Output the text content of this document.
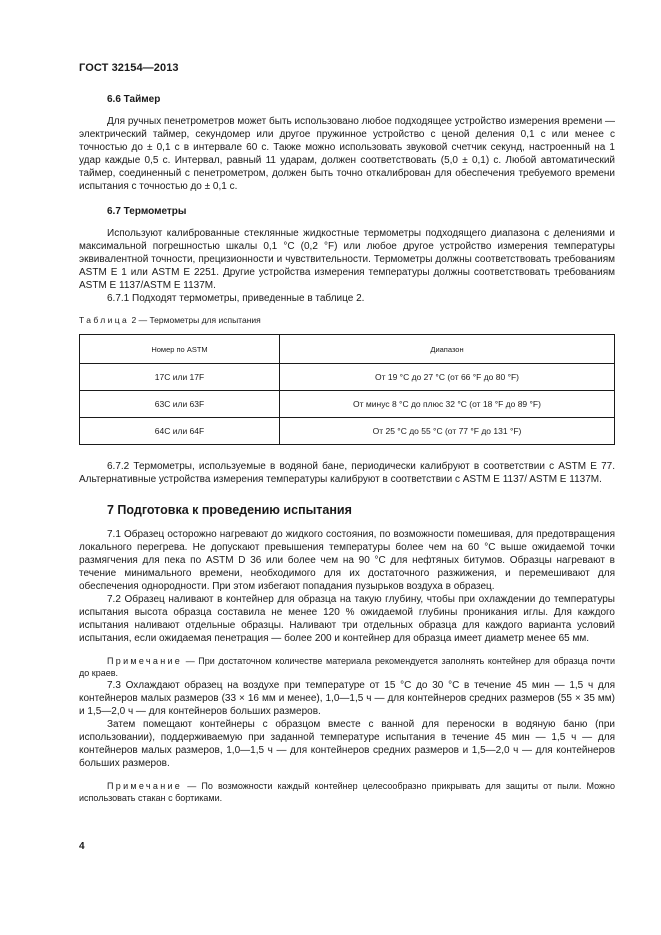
ГОСТ 32154—2013
6.6 Таймер

Для ручных пенетрометров может быть использовано любое подходящее устройство измерения времени — электрический таймер, секундомер или другое пружинное устройство с ценой деления 0,1 с или менее с точностью до ± 0,1 с в интервале 60 с. Также можно использовать звуковой счетчик секунд, настроенный на 1 удар каждые 0,5 с. Интервал, равный 11 ударам, должен соответствовать (5,0 ± 0,1) с. Любой автоматический таймер, соединенный с пенетрометром, должен быть точно откалиброван для обеспечения требуемого времени испытания с точностью до ± 0,1 с.

6.7 Термометры

Используют калиброванные стеклянные жидкостные термометры подходящего диапазона с делениями и максимальной погрешностью шкалы 0,1 °С (0,2 °F) или любое другое устройство измерения температуры эквивалентной точности, прецизионности и чувствительности. Термометры должны соответствовать требованиям ASTM E 1 или ASTM E 2251. Другие устройства измерения температуры должны соответствовать требованиям ASTM E 1137/ASTM E 1137M.

6.7.1 Подходят термометры, приведенные в таблице 2.

Таблица 2 — Термометры для испытания
Номер по ASTM	Диапазон
17C или 17F	От 19 °С до 27 °С (от 66 °F до 80 °F)
63C или 63F	От минус 8 °С до плюс 32 °С (от 18 °F до 89 °F)
64C или 64F	От 25 °С до 55 °С (от 77 °F до 131 °F)

6.7.2 Термометры, используемые в водяной бане, периодически калибруют в соответствии с ASTM E 77. Альтернативные устройства измерения температуры калибруют в соответствии с ASTM E 1137/ ASTM E 1137M.

7 Подготовка к проведению испытания

7.1 Образец осторожно нагревают до жидкого состояния, по возможности помешивая, для предотвращения локального перегрева. Не допускают превышения температуры более чем на 60 °С выше ожидаемой точки размягчения для пека по ASTM D 36 или более чем на 90 °С для нефтяных битумов. Образцы нагревают в течение минимального времени, необходимого для их достаточного разжижения, и перемешивают для обеспечения однородности. При этом избегают попадания пузырьков воздуха в образец.

7.2 Образец наливают в контейнер для образца на такую глубину, чтобы при охлаждении до температуры испытания высота образца составила не менее 120 % ожидаемой глубины проникания иглы. Для каждого испытания наливают отдельные образцы. Наливают три отдельных образца для каждого варианта условий испытания, если ожидаемая пенетрация — более 200 и контейнер для образца имеет диаметр менее 65 мм.

Примечание — При достаточном количестве материала рекомендуется заполнять контейнер для образца почти до краев.

7.3 Охлаждают образец на воздухе при температуре от 15 °С до 30 °С в течение 45 мин — 1,5 ч для контейнеров малых размеров (33 × 16 мм и менее), 1,0—1,5 ч — для контейнеров средних размеров (55 × 35 мм) и 1,5—2,0 ч — для контейнеров больших размеров.

Затем помещают контейнеры с образцом вместе с ванной для переноски в водяную баню (при использовании), поддерживаемую при заданной температуре испытания в течение 45 мин — 1,5 ч — для контейнеров малых размеров, 1,0—1,5 ч — для контейнеров средних размеров и 1,5—2,0 ч — для контейнеров больших размеров.

Примечание — По возможности каждый контейнер целесообразно прикрывать для защиты от пыли. Можно использовать стакан с бортиками.

4
